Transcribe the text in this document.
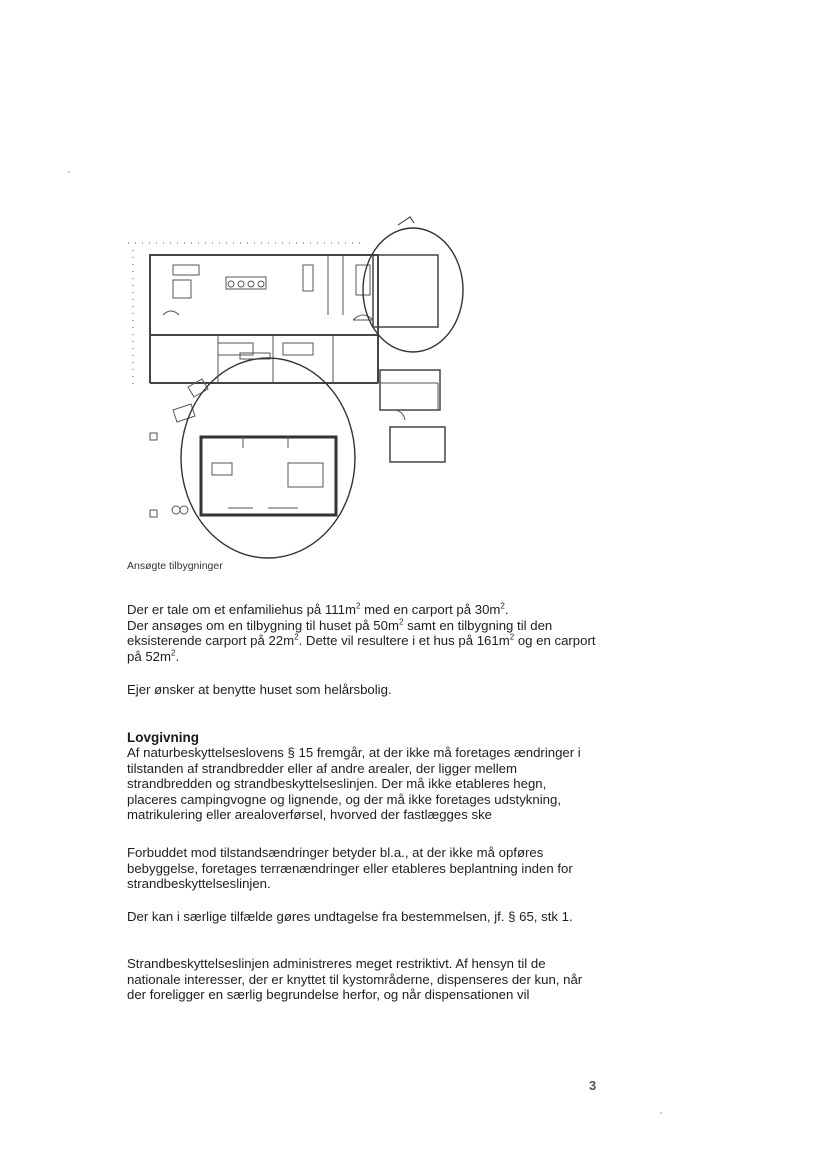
Ansøgte tilbygninger

Der er tale om et enfamiliehus på $111m^2$ med en carport på $30m^2$.
Der ansøges om en tilbygning til huset på $50m^2$ samt en tilbygning til den eksisterende carport på $22m^2$. Dette vil resultere i et hus på $161m^2$ og en carport på $52m^2$.

Ejer ønsker at benytte huset som helårsbolig.

Lovgivning

Af naturbeskyttelseslovens § 15 fremgår, at der ikke må foretages ændringer i tilstanden af strandbredder eller af andre arealer, der ligger mellem strandbredden og strandbeskyttelseslinjen. Der må ikke etableres hegn, placeres campingvogne og lignende, og der må ikke foretages udstykning, matrikulering eller arealoverførsel, hvorved der fastlægges ske

Forbuddet mod tilstandsændringer betyder bl.a., at der ikke må opføres bebyggelse, foretages terrænændringer eller etableres beplantning inden for strandbeskyttelseslinjen.

Der kan i særlige tilfælde gøres undtagelse fra bestemmelsen, jf. § 65, stk 1.

Strandbeskyttelseslinjen administreres meget restriktivt. Af hensyn til de nationale interesser, der er knyttet til kystområderne, dispenseres der kun, når der foreligger en særlig begrundelse herfor, og når dispensationen vil

3
